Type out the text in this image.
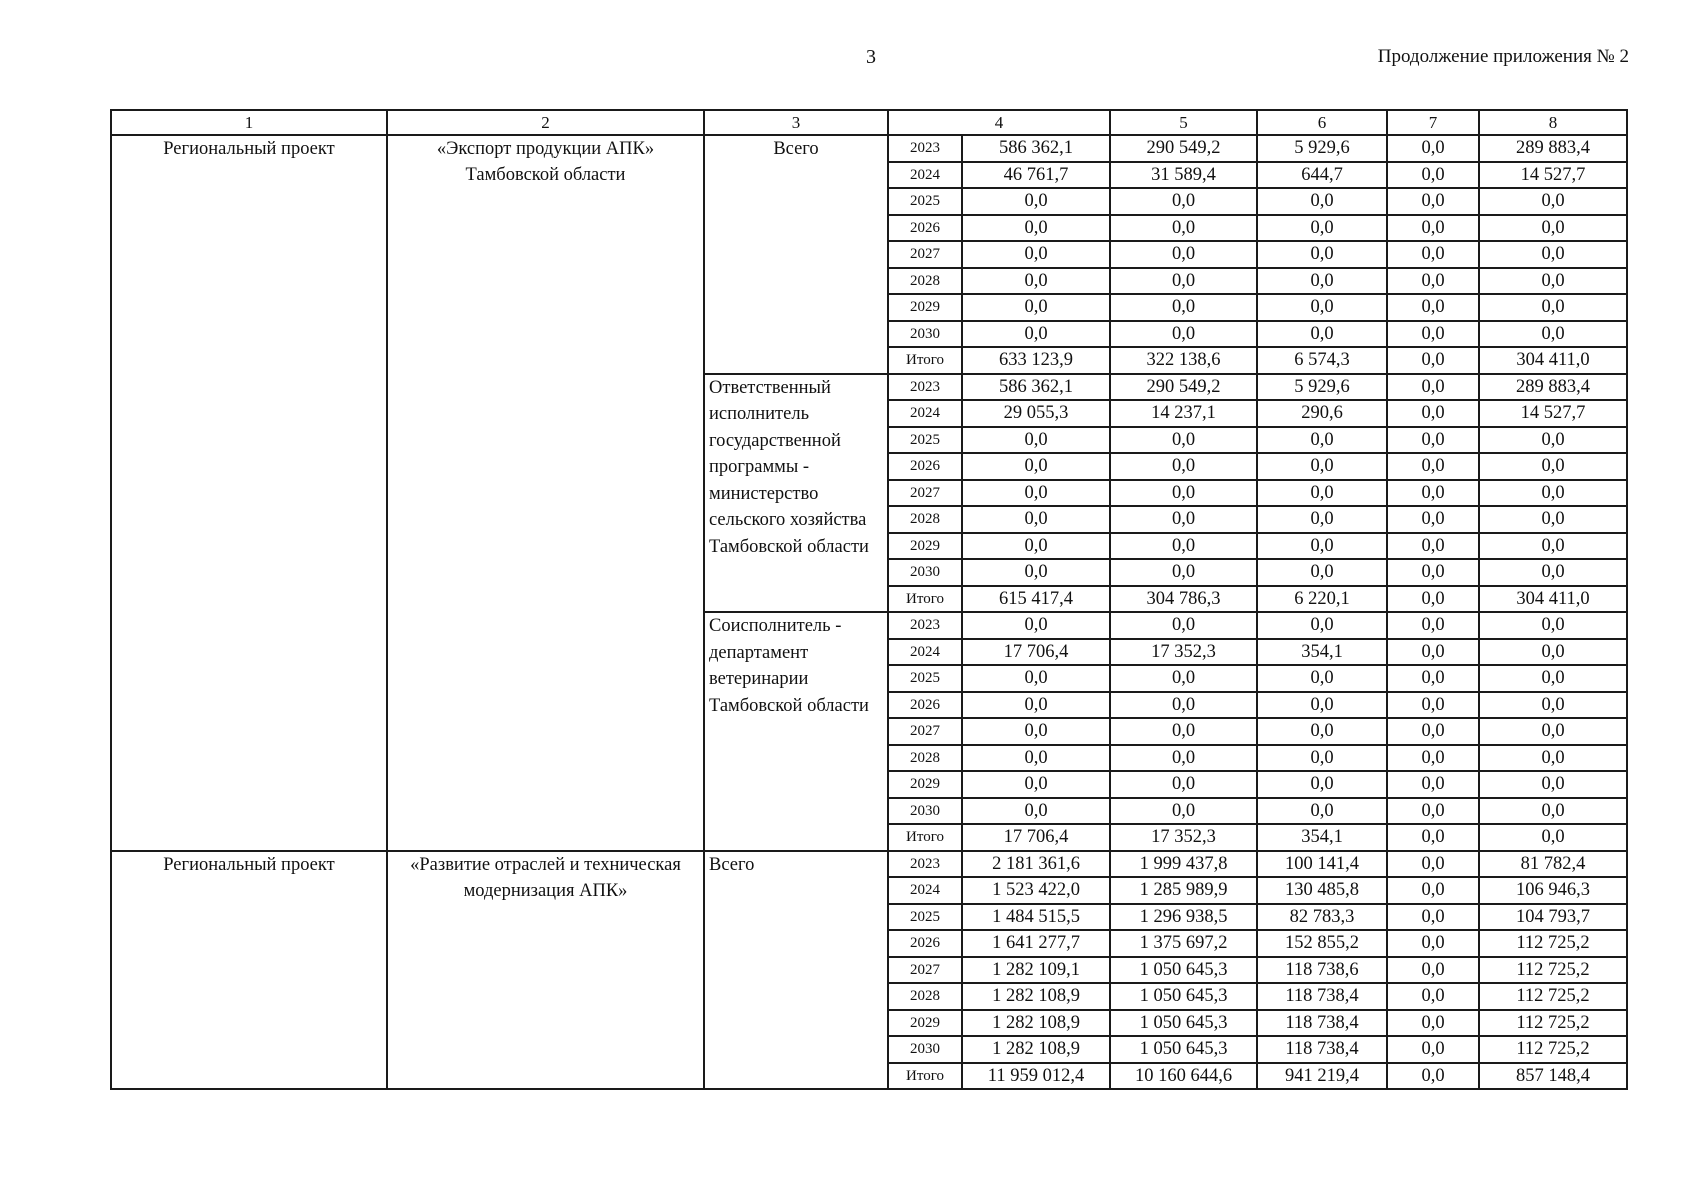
3	Продолжение приложения № 2
1	2	3	4		5	6	7	8

Региональный проект	«Экспорт продукции АПК» Тамбовской области	Всего	2023	586 362,1	290 549,2	5 929,6	0,0	289 883,4
			2024	46 761,7	31 589,4	644,7	0,0	14 527,7
			2025	0,0	0,0	0,0	0,0	0,0
			2026	0,0	0,0	0,0	0,0	0,0
			2027	0,0	0,0	0,0	0,0	0,0
			2028	0,0	0,0	0,0	0,0	0,0
			2029	0,0	0,0	0,0	0,0	0,0
			2030	0,0	0,0	0,0	0,0	0,0
			Итого	633 123,9	322 138,6	6 574,3	0,0	304 411,0
		Ответственный исполнитель государственной программы - министерство сельского хозяйства Тамбовской области	2023	586 362,1	290 549,2	5 929,6	0,0	289 883,4
			2024	29 055,3	14 237,1	290,6	0,0	14 527,7
			2025	0,0	0,0	0,0	0,0	0,0
			2026	0,0	0,0	0,0	0,0	0,0
			2027	0,0	0,0	0,0	0,0	0,0
			2028	0,0	0,0	0,0	0,0	0,0
			2029	0,0	0,0	0,0	0,0	0,0
			2030	0,0	0,0	0,0	0,0	0,0
			Итого	615 417,4	304 786,3	6 220,1	0,0	304 411,0
		Соисполнитель - департамент ветеринарии Тамбовской области	2023	0,0	0,0	0,0	0,0	0,0
			2024	17 706,4	17 352,3	354,1	0,0	0,0
			2025	0,0	0,0	0,0	0,0	0,0
			2026	0,0	0,0	0,0	0,0	0,0
			2027	0,0	0,0	0,0	0,0	0,0
			2028	0,0	0,0	0,0	0,0	0,0
			2029	0,0	0,0	0,0	0,0	0,0
			2030	0,0	0,0	0,0	0,0	0,0
			Итого	17 706,4	17 352,3	354,1	0,0	0,0

Региональный проект	«Развитие отраслей и техническая модернизация АПК»	Всего	2023	2 181 361,6	1 999 437,8	100 141,4	0,0	81 782,4
			2024	1 523 422,0	1 285 989,9	130 485,8	0,0	106 946,3
			2025	1 484 515,5	1 296 938,5	82 783,3	0,0	104 793,7
			2026	1 641 277,7	1 375 697,2	152 855,2	0,0	112 725,2
			2027	1 282 109,1	1 050 645,3	118 738,6	0,0	112 725,2
			2028	1 282 108,9	1 050 645,3	118 738,4	0,0	112 725,2
			2029	1 282 108,9	1 050 645,3	118 738,4	0,0	112 725,2
			2030	1 282 108,9	1 050 645,3	118 738,4	0,0	112 725,2
			Итого	11 959 012,4	10 160 644,6	941 219,4	0,0	857 148,4
